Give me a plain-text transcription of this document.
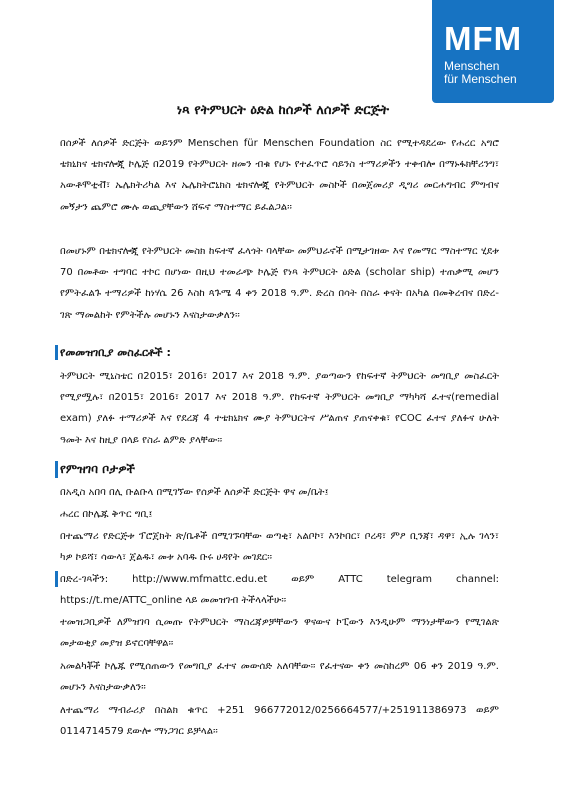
MFM
Menschen
für Menschen
ነጻ የትምህርት ዕድል ከሰዎች ለሰዎች ድርጅት

በሰዎች ለሰዎች ድርጅት ወይንም Menschen für Menschen Foundation ስር የሚተዳደረው የሐረር አግሮ ቴክኒክና ቴክኖሎጂ ኮሌጅ በ2019 የትምህርት ዘመን ብቁ የሆኑ የተፈጥሮ ሳይንስ ተማሪዎችን ተቀብሎ በማኑፋክቸሪንግ፣ አውቶሞቲቭ፣ ኤሌክትሪካል እና ኤሌክትሮኒክስ ቴክኖሎጂ የትምህርት መስኮች በመጀመሪያ ዲግሪ መርሐግብር ምግብና መኝታን ጨምሮ ሙሉ ወጪያቸውን ሸፍኖ ማስተማር ይፈልጋል፡፡

በመሆኑም በቴክኖሎጂ የትምህርት መስክ ከፍተኛ ፈላጎት ባላቸው መምህራኖች በሚታገዘው እና የመማር ማስተማር ሂደቱ 70 በመቶው ተግባር ተኮር በሆነው በዚህ ተመራጭ ኮሌጅ የነጻ ትምህርት ዕድል (scholar ship) ተጠቃሚ መሆን የምትፈልጉ ተማሪዎች ከነሃሴ 26 እስከ ጳጉሜ 4 ቀን 2018 ዓ.ም. ድረስ በሳት በስራ ቀናት በአካል በመቅረብና በድረ- ገጽ ማመልከት የምትችሉ መሆኑን እናስታውቃለን፡፡

የመመዝገቢያ መስፈርቶች :

ትምህርት ሚኒስቴር በ2015፣ 2016፣ 2017 እና 2018 ዓ.ም. ያወጣውን የከፍተኛ ትምህርት መግቢያ መስፈርት የሚያሟሉ፣ በ2015፣ 2016፣ 2017 እና 2018 ዓ.ም. የከፍተኛ ትምህርት መግቢያ ማካካሻ ፈተና(remedial exam) ያለፉ ተማሪዎች እና የደረጃ 4 ተቴክኒክና ሙያ ትምህርትና ሥልጠና ያጠናቀቁ፣ የCOC ፈተና ያለፉና ሁለት ዓመት እና ከዚያ በላይ የስራ ልምድ ያላቸው፡፡

የምዝገባ ቦታዎች

በአዲስ አበባ በሊ ቡልቡላ በሚገኘው የሰዎች ለሰዎች ድርጅት ዋና መ/ቤት፤

ሐረር በኮሌጁ ቅጥር ግቢ፤

በተጨማሪ የድርጅቱ ፕሮጀክት ጽ/ቤቶች በሚገኙባቸው ወጣቂ፣ አልቦኮ፣ እንኮበር፣ ቦረዳ፣ ምዖ ቢንጃ፣ ዳዋ፣ ኢሉ ገላን፣ ካዎ ኮይሻ፣ ሳውላ፣ ጀልዱ፣ መቱ አባዱ ቡሩ ሀዳየት መገደር፡፡

በድረ-ገጻችን: http://www.mfmattc.edu.et ወይም ATTC telegram channel: https://t.me/ATTC_online ላይ መመዝገብ ትችላላችሁ፡፡

ተመዝጋቢዎች ለምዝገባ ሲመጡ የትምህርት ማስረጃዎቻቸውን ዋናውና ኮፒውን እንዲሁም ማንነታቸውን የሚገልጽ መታወቂያ መያዝ ይኖርባቸዋል፡፡

አመልካቾች ኮሌጁ የሚሰጠውን የመግቢያ ፈተና መውሰድ አለባቸው፡፡ የፈተናው ቀን መስከረም 06 ቀን 2019 ዓ.ም. መሆኑን እናስታውቃለን፡፡

ለተጨማሪ ማብራሪያ በስልክ ቁጥር +251 966772012/0256664577/+251911386973 ወይም 0114714579 ደውሎ ማነጋገር ይቻላል፡፡
